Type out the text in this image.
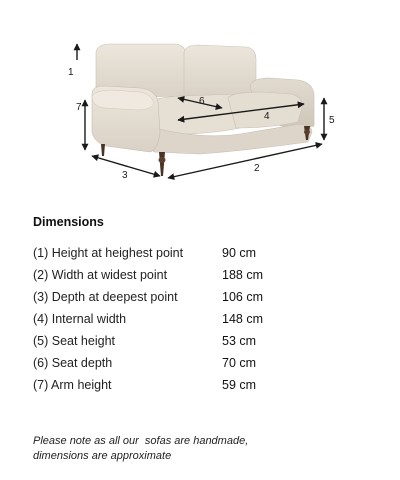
1
2
3
4	5
6
7
Dimensions
(1) Height at heighest point	90 cm
(2) Width at widest point	188 cm
(3) Depth at deepest point	106 cm
(4) Internal width	148 cm
(5) Seat height	53 cm
(6) Seat depth	70 cm
(7) Arm height	59 cm

Please note as all our  sofas are handmade,
dimensions are approximate
